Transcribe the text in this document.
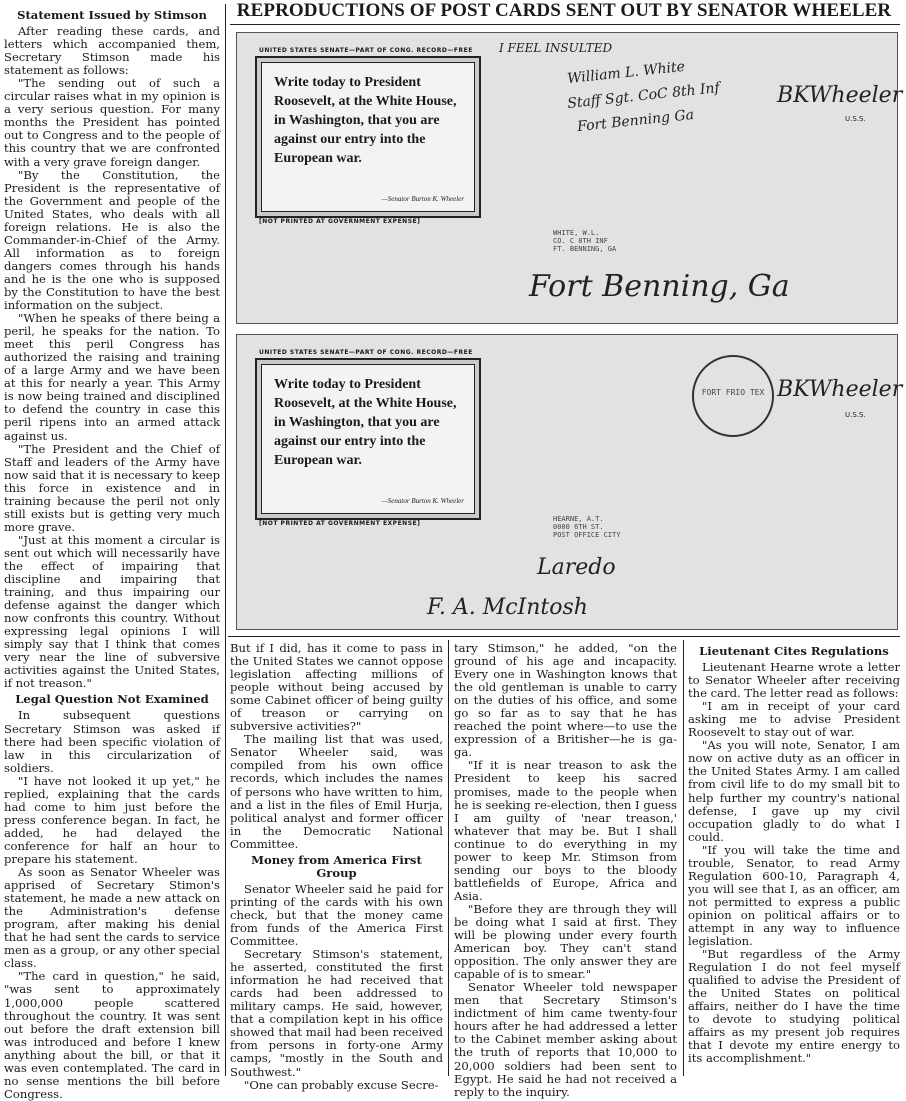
REPRODUCTIONS OF POST CARDS SENT OUT BY SENATOR WHEELER

Statement Issued by Stimson

After reading these cards, and letters which accompanied them, Secretary Stimson made his statement as follows:

"The sending out of such a circular raises what in my opinion is a very serious question. For many months the President has pointed out to Congress and to the people of this country that we are confronted with a very grave foreign danger.

"By the Constitution, the President is the representative of the Government and people of the United States, who deals with all foreign relations. He is also the Commander-in-Chief of the Army. All information as to foreign dangers comes through his hands and he is the one who is supposed by the Constitution to have the best information on the subject.

"When he speaks of there being a peril, he speaks for the nation. To meet this peril Congress has authorized the raising and training of a large Army and we have been at this for nearly a year. This Army is now being trained and disciplined to defend the country in case this peril ripens into an armed attack against us.

"The President and the Chief of Staff and leaders of the Army have now said that it is necessary to keep this force in existence and in training because the peril not only still exists but is getting very much more grave.

"Just at this moment a circular is sent out which will necessarily have the effect of impairing that discipline and impairing that training, and thus impairing our defense against the danger which now confronts this country. Without expressing legal opinions I will simply say that I think that comes very near the line of subversive activities against the United States, if not treason."

Legal Question Not Examined

In subsequent questions Secretary Stimson was asked if there had been specific violation of law in this circularization of soldiers.

"I have not looked it up yet," he replied, explaining that the cards had come to him just before the press conference began. In fact, he added, he had delayed the conference for half an hour to prepare his statement.

As soon as Senator Wheeler was apprised of Secretary Stimon's statement, he made a new attack on the Administration's defense program, after making his denial that he had sent the cards to service men as a group, or any other special class.

"The card in question," he said, "was sent to approximately 1,000,000 people scattered throughout the country. It was sent out before the draft extension bill was introduced and before I knew anything about the bill, or that it was even contemplated. The card in no sense mentions the bill before Congress.

UNITED STATES SENATE—PART OF CONG. RECORD—FREE
Write today to President Roosevelt, at the White House, in Washington, that you are against our entry into the European war.
—Senator Burton K. Wheeler
[NOT PRINTED AT GOVERNMENT EXPENSE]
I FEEL INSULTED
William L. White
Staff Sgt. CoC 8th Inf
Fort Benning Ga
BKWheeler
U.S.S.
WHITE, W.L.
CO. C 8TH INF
FT. BENNING, GA
Fort Benning, Ga
UNITED STATES SENATE—PART OF CONG. RECORD—FREE
Write today to President Roosevelt, at the White House, in Washington, that you are against our entry into the European war.
—Senator Burton K. Wheeler
[NOT PRINTED AT GOVERNMENT EXPENSE]
FORT FRIO TEX BKWheeler
U.S.S.
HEARNE, A.T.
0000 6TH ST.
POST OFFICE CITY
Laredo
F. A. McIntosh

But if I did, has it come to pass in the United States we cannot oppose legislation affecting millions of people without being accused by some Cabinet officer of being guilty of treason or carrying on subversive activities?"

The mailing list that was used, Senator Wheeler said, was compiled from his own office records, which includes the names of persons who have written to him, and a list in the files of Emil Hurja, political analyst and former officer in the Democratic National Committee.

Money from America First Group

Senator Wheeler said he paid for printing of the cards with his own check, but that the money came from funds of the America First Committee.

Secretary Stimson's statement, he asserted, constituted the first information he had received that cards had been addressed to military camps. He said, however, that a compilation kept in his office showed that mail had been received from persons in forty-one Army camps, "mostly in the South and Southwest."

"One can probably excuse Secre-

tary Stimson," he added, "on the ground of his age and incapacity. Every one in Washington knows that the old gentleman is unable to carry on the duties of his office, and some go so far as to say that he has reached the point where—to use the expression of a Britisher—he is ga-ga.

"If it is near treason to ask the President to keep his sacred promises, made to the people when he is seeking re-election, then I guess I am guilty of 'near treason,' whatever that may be. But I shall continue to do everything in my power to keep Mr. Stimson from sending our boys to the bloody battlefields of Europe, Africa and Asia.

"Before they are through they will be doing what I said at first. They will be plowing under every fourth American boy. They can't stand opposition. The only answer they are capable of is to smear."

Senator Wheeler told newspaper men that Secretary Stimson's indictment of him came twenty-four hours after he had addressed a letter to the Cabinet member asking about the truth of reports that 10,000 to 20,000 soldiers had been sent to Egypt. He said he had not received a reply to the inquiry.

Lieutenant Cites Regulations

Lieutenant Hearne wrote a letter to Senator Wheeler after receiving the card. The letter read as follows:

"I am in receipt of your card asking me to advise President Roosevelt to stay out of war.

"As you will note, Senator, I am now on active duty as an officer in the United States Army. I am called from civil life to do my small bit to help further my country's national defense, I gave up my civil occupation gladly to do what I could.

"If you will take the time and trouble, Senator, to read Army Regulation 600-10, Paragraph 4, you will see that I, as an officer, am not permitted to express a public opinion on political affairs or to attempt in any way to influence legislation.

"But regardless of the Army Regulation I do not feel myself qualified to advise the President of the United States on political affairs, neither do I have the time to devote to studying political affairs as my present job requires that I devote my entire energy to its accomplishment."
